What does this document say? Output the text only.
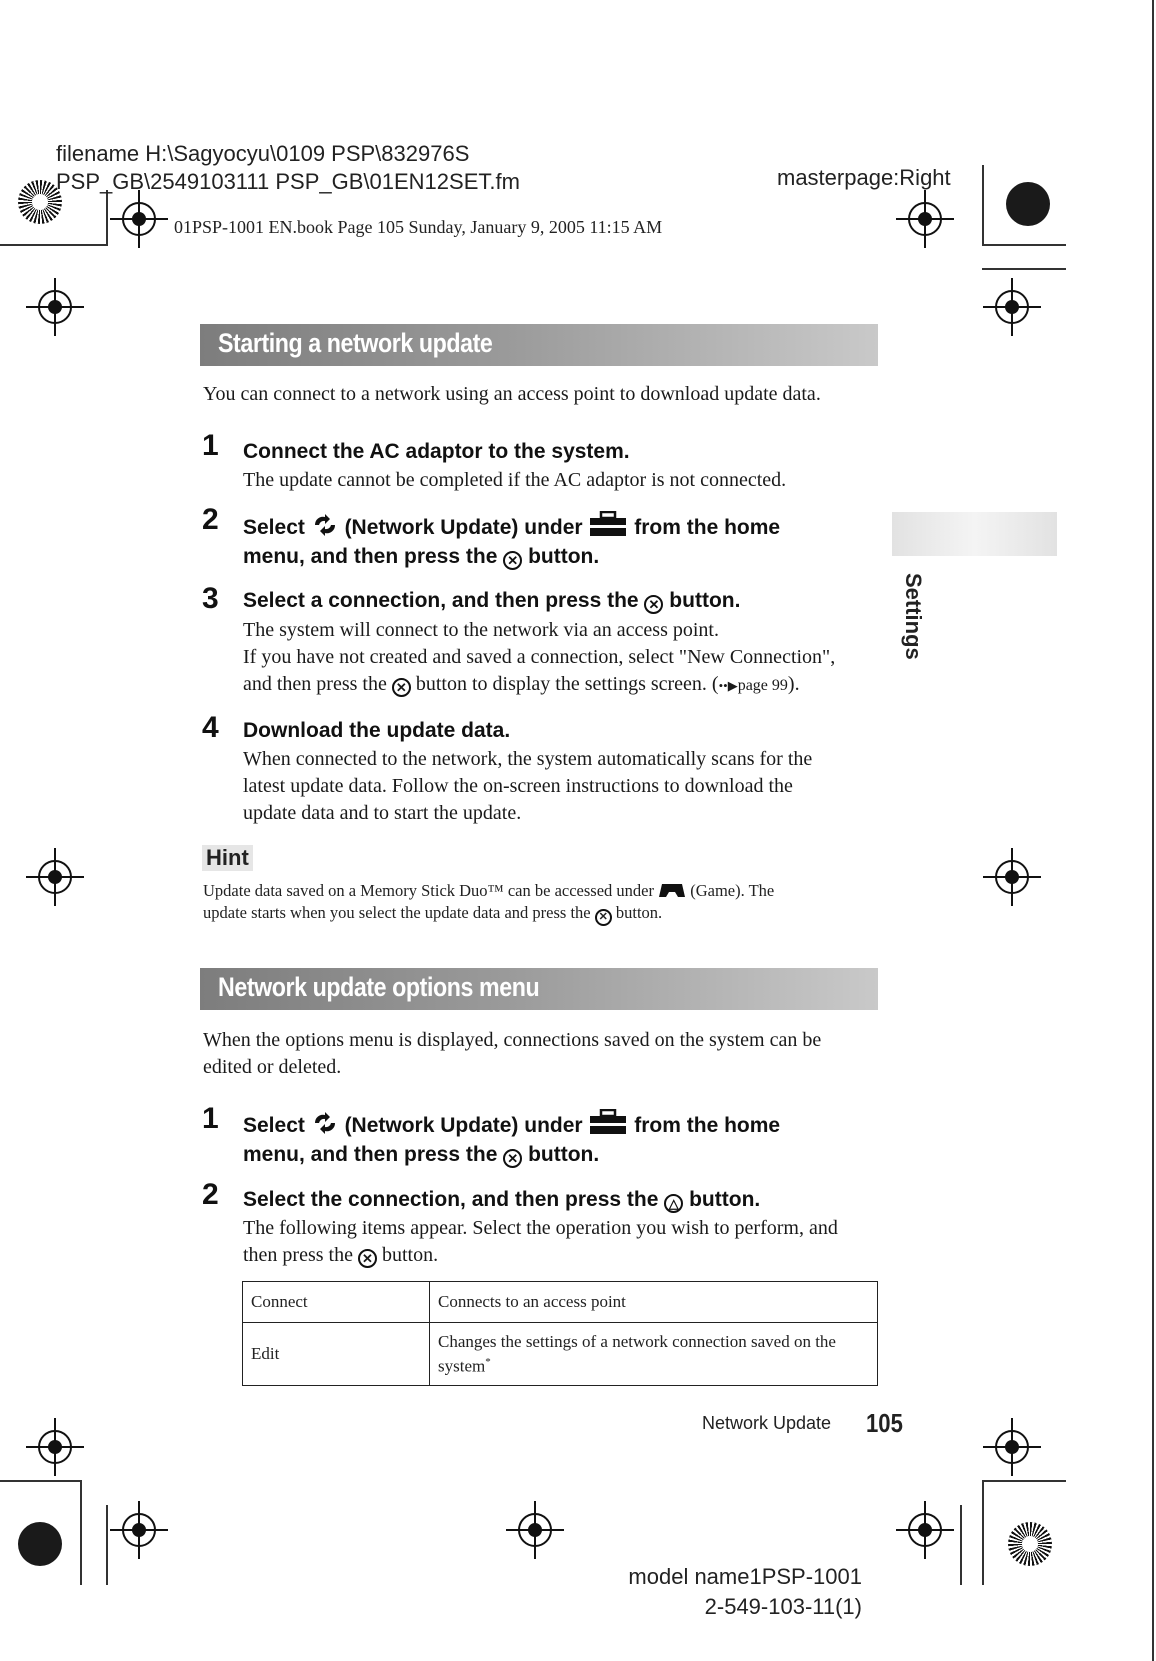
filename H:\Sagyocyu\0109 PSP\832976S
PSP_GB\2549103111 PSP_GB\01EN12SET.fm	masterpage:Right
01PSP-1001 EN.book Page 105 Sunday, January 9, 2005 11:15 AM
Starting a network update
You can connect to a network using an access point to download update data.
1 Connect the AC adaptor to the system.
The update cannot be completed if the AC adaptor is not connected.
2 Select (Network Update) under from the home
menu, and then press the ✕ button.
3 Select a connection, and then press the ✕ button.
The system will connect to the network via an access point.
If you have not created and saved a connection, select "New Connection",
and then press the ✕ button to display the settings screen. (••▶page 99).
4 Download the update data.
When connected to the network, the system automatically scans for the
latest update data. Follow the on-screen instructions to download the
update data and to start the update.
Hint
Update data saved on a Memory Stick Duo™ can be accessed under (Game). The
update starts when you select the update data and press the ✕ button.
Network update options menu
When the options menu is displayed, connections saved on the system can be
edited or deleted.
1 Select (Network Update) under from the home
menu, and then press the ✕ button.
2 Select the connection, and then press the △ button.
The following items appear. Select the operation you wish to perform, and
then press the ✕ button.
Connect	Connects to an access point
Edit	Changes the settings of a network connection saved on the system*
Settings
Network Update 105
model name1PSP-1001
2-549-103-11(1)
